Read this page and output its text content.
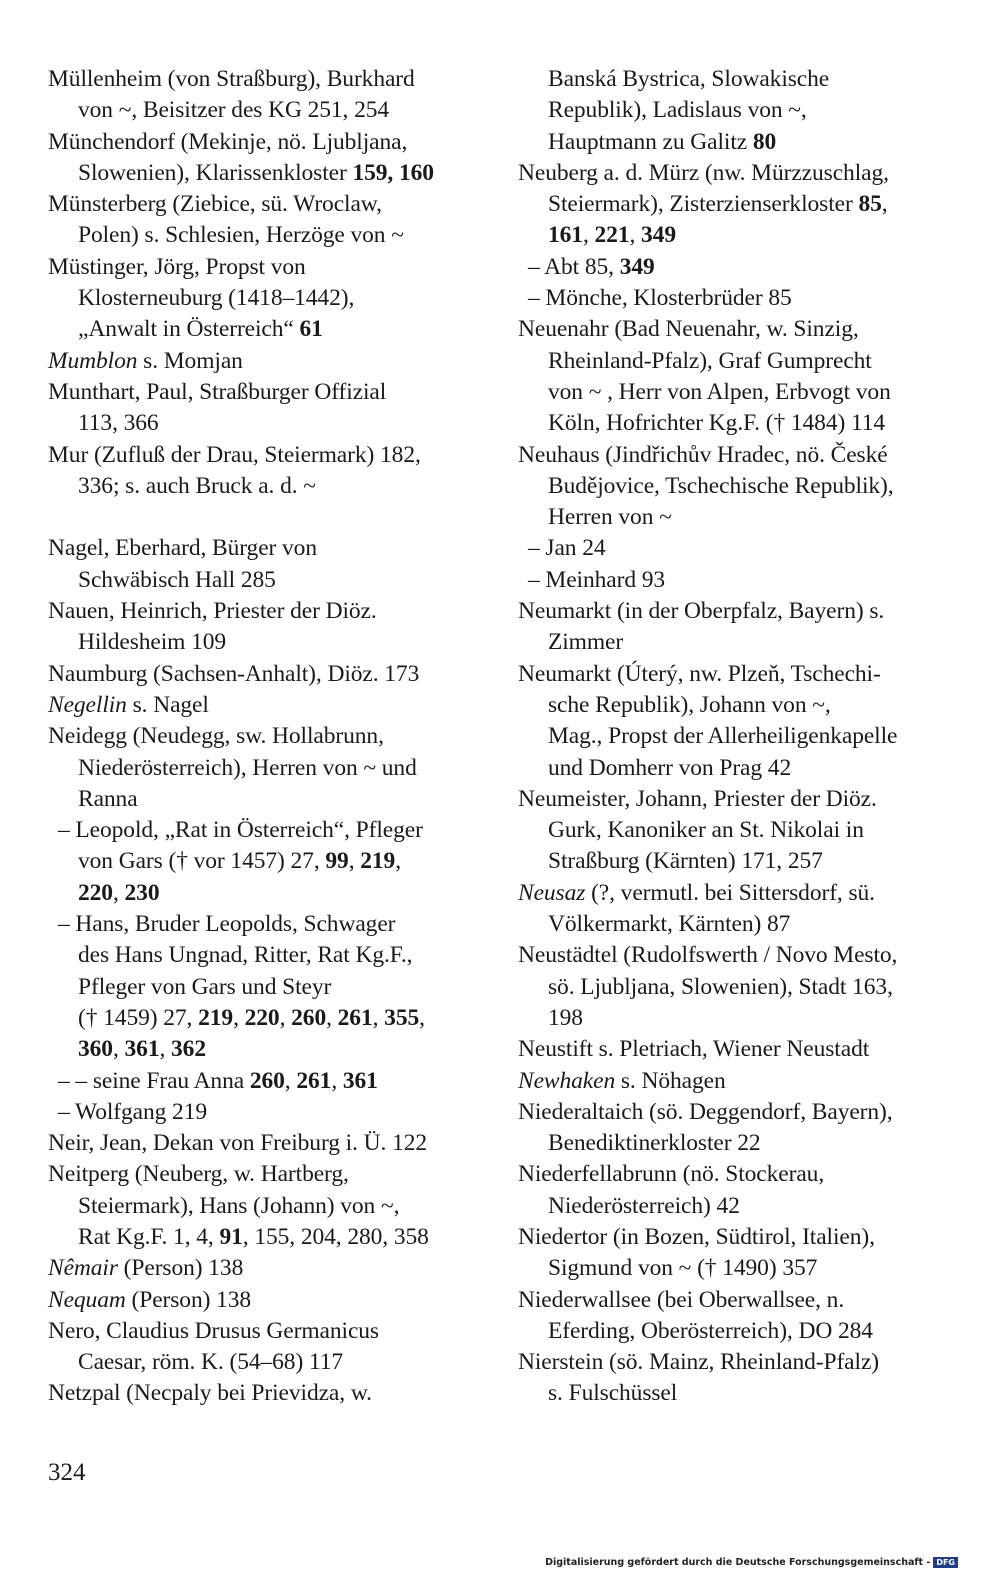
Müllenheim (von Straßburg), Burkhard
von ~, Beisitzer des KG 251, 254
Münchendorf (Mekinje, nö. Ljubljana,
Slowenien), Klarissenkloster 159, 160
Münsterberg (Ziebice, sü. Wroclaw,
Polen) s. Schlesien, Herzöge von ~
Müstinger, Jörg, Propst von
Klosterneuburg (1418–1442),
„Anwalt in Österreich“ 61
Mumblon s. Momjan
Munthart, Paul, Straßburger Offizial
113, 366
Mur (Zufluß der Drau, Steiermark) 182,
336; s. auch Bruck a. d. ~
Nagel, Eberhard, Bürger von
Schwäbisch Hall 285
Nauen, Heinrich, Priester der Diöz.
Hildesheim 109
Naumburg (Sachsen-Anhalt), Diöz. 173
Negellin s. Nagel
Neidegg (Neudegg, sw. Hollabrunn,
Niederösterreich), Herren von ~ und
Ranna
– Leopold, „Rat in Österreich“, Pfleger
von Gars († vor 1457) 27, 99, 219,
220, 230
– Hans, Bruder Leopolds, Schwager
des Hans Ungnad, Ritter, Rat Kg.F.,
Pfleger von Gars und Steyr
(† 1459) 27, 219, 220, 260, 261, 355,
360, 361, 362
– – seine Frau Anna 260, 261, 361
– Wolfgang 219
Neir, Jean, Dekan von Freiburg i. Ü. 122
Neitperg (Neuberg, w. Hartberg,
Steiermark), Hans (Johann) von ~,
Rat Kg.F. 1, 4, 91, 155, 204, 280, 358
Nêmair (Person) 138
Nequam (Person) 138
Nero, Claudius Drusus Germanicus
Caesar, röm. K. (54–68) 117
Netzpal (Necpaly bei Prievidza, w.
Banská Bystrica, Slowakische
Republik), Ladislaus von ~,
Hauptmann zu Galitz 80
Neuberg a. d. Mürz (nw. Mürzzuschlag,
Steiermark), Zisterzienserkloster 85,
161, 221, 349
– Abt 85, 349
– Mönche, Klosterbrüder 85
Neuenahr (Bad Neuenahr, w. Sinzig,
Rheinland-Pfalz), Graf Gumprecht
von ~ , Herr von Alpen, Erbvogt von
Köln, Hofrichter Kg.F. († 1484) 114
Neuhaus (Jindřichův Hradec, nö. České
Budějovice, Tschechische Republik),
Herren von ~
– Jan 24
– Meinhard 93
Neumarkt (in der Oberpfalz, Bayern) s.
Zimmer
Neumarkt (Úterý, nw. Plzeň, Tschechi-
sche Republik), Johann von ~,
Mag., Propst der Allerheiligenkapelle
und Domherr von Prag 42
Neumeister, Johann, Priester der Diöz.
Gurk, Kanoniker an St. Nikolai in
Straßburg (Kärnten) 171, 257
Neusaz (?, vermutl. bei Sittersdorf, sü.
Völkermarkt, Kärnten) 87
Neustädtel (Rudolfswerth / Novo Mesto,
sö. Ljubljana, Slowenien), Stadt 163,
198
Neustift s. Pletriach, Wiener Neustadt
Newhaken s. Nöhagen
Niederaltaich (sö. Deggendorf, Bayern),
Benediktinerkloster 22
Niederfellabrunn (nö. Stockerau,
Niederösterreich) 42
Niedertor (in Bozen, Südtirol, Italien),
Sigmund von ~ († 1490) 357
Niederwallsee (bei Oberwallsee, n.
Eferding, Oberösterreich), DO 284
Nierstein (sö. Mainz, Rheinland-Pfalz)
s. Fulschüssel
324
Digitalisierung gefördert durch die Deutsche Forschungsgemeinschaft - DFG
